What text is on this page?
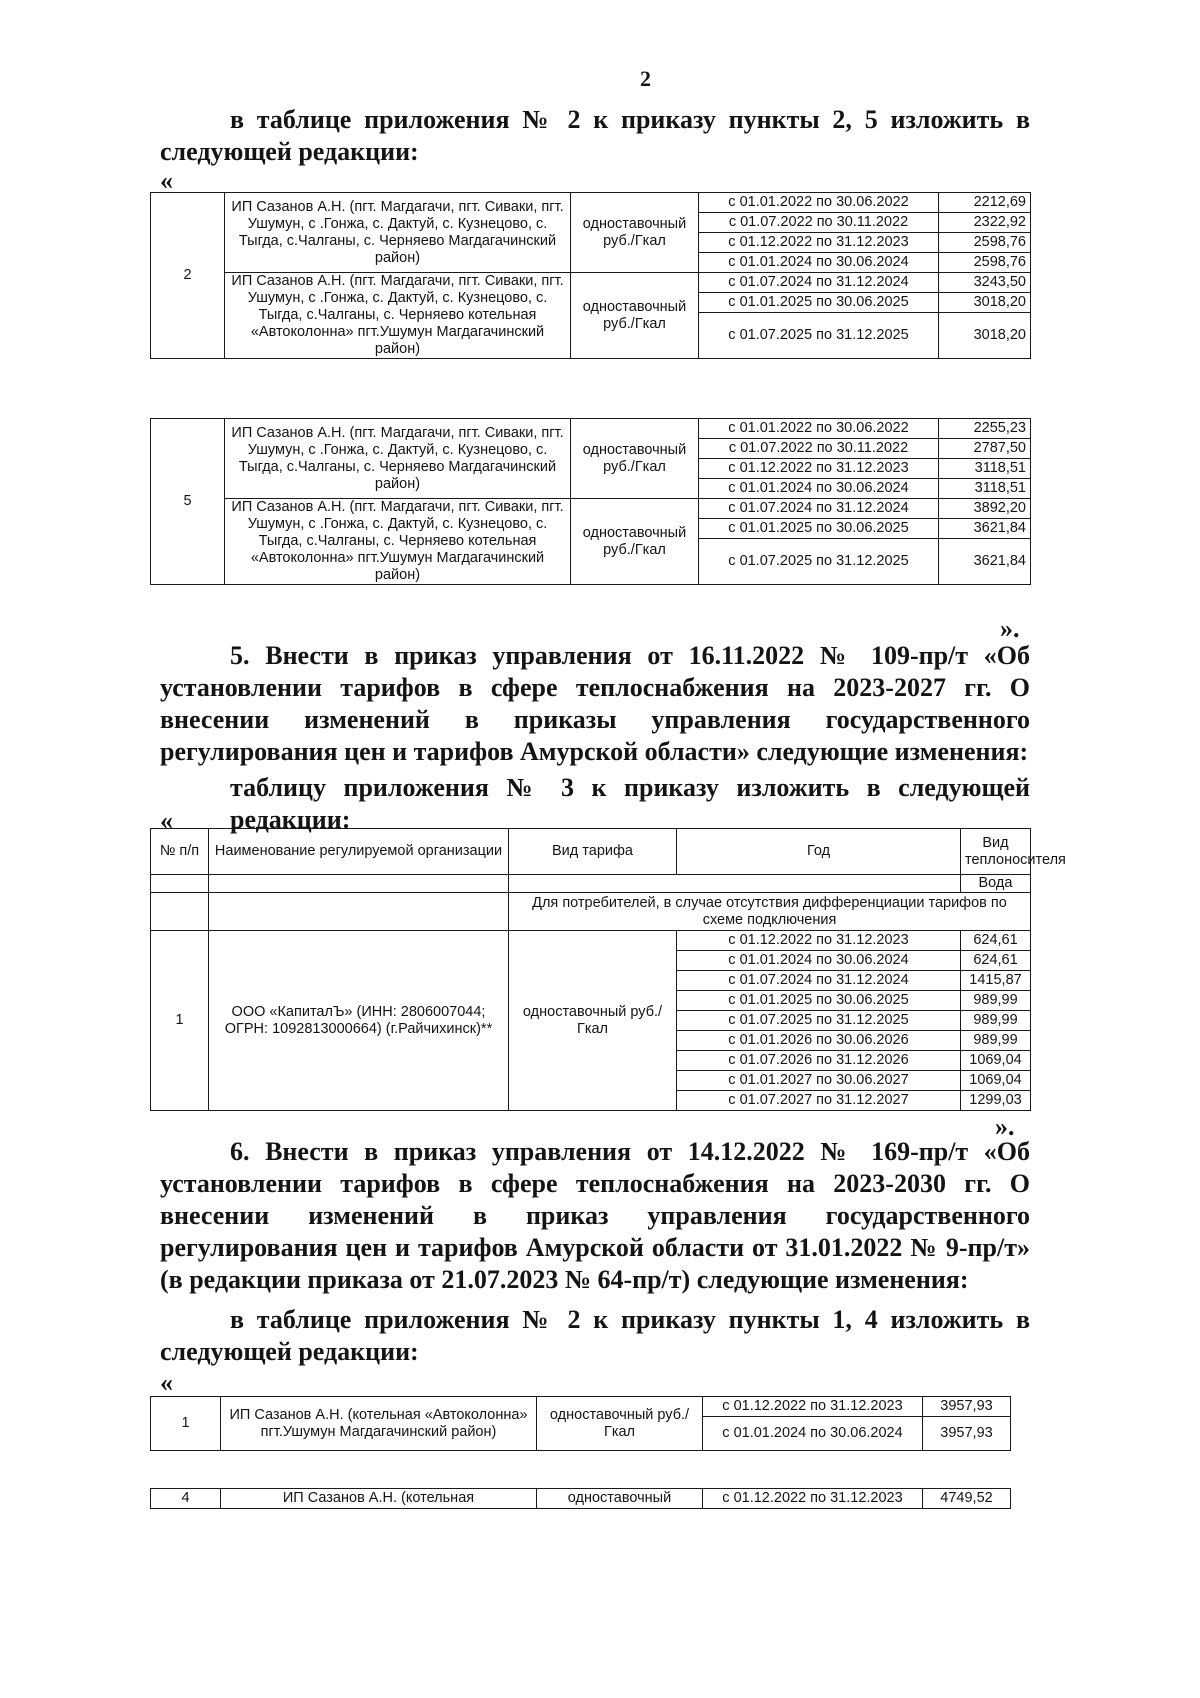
2
в таблице приложения № 2 к приказу пункты 2, 5 изложить в следующей редакции:
«
2	ИП Сазанов А.Н. (пгт. Магдагачи, пгт. Сиваки, пгт. Ушумун, с .Гонжа, с. Дактуй, с. Кузнецово, с. Тыгда, с.Чалганы, с. Черняево Магдагачинский район)	одноставочный руб./Гкал	с 01.01.2022 по 30.06.2022	2212,69
			с 01.07.2022 по 30.11.2022	2322,92
			с 01.12.2022 по 31.12.2023	2598,76
			с 01.01.2024 по 30.06.2024	2598,76
	ИП Сазанов А.Н. (пгт. Магдагачи, пгт. Сиваки, пгт. Ушумун, с .Гонжа, с. Дактуй, с. Кузнецово, с. Тыгда, с.Чалганы, с. Черняево котельная «Автоколонна» пгт.Ушумун Магдагачинский район)	одноставочный руб./Гкал	с 01.07.2024 по 31.12.2024	3243,50
			с 01.01.2025 по 30.06.2025	3018,20
			с 01.07.2025 по 31.12.2025	3018,20
5	ИП Сазанов А.Н. (пгт. Магдагачи, пгт. Сиваки, пгт. Ушумун, с .Гонжа, с. Дактуй, с. Кузнецово, с. Тыгда, с.Чалганы, с. Черняево Магдагачинский район)	одноставочный руб./Гкал	с 01.01.2022 по 30.06.2022	2255,23
			с 01.07.2022 по 30.11.2022	2787,50
			с 01.12.2022 по 31.12.2023	3118,51
			с 01.01.2024 по 30.06.2024	3118,51
	ИП Сазанов А.Н. (пгт. Магдагачи, пгт. Сиваки, пгт. Ушумун, с .Гонжа, с. Дактуй, с. Кузнецово, с. Тыгда, с.Чалганы, с. Черняево котельная «Автоколонна» пгт.Ушумун Магдагачинский район)	одноставочный руб./Гкал	с 01.07.2024 по 31.12.2024	3892,20
			с 01.01.2025 по 30.06.2025	3621,84
			с 01.07.2025 по 31.12.2025	3621,84
».
5. Внести в приказ управления от 16.11.2022 № 109-пр/т «Об установлении тарифов в сфере теплоснабжения на 2023-2027 гг. О внесении изменений в приказы управления государственного регулирования цен и тарифов Амурской области» следующие изменения:
таблицу приложения № 3 к приказу изложить в следующей редакции:
«
№ п/п	Наименование регулируемой организации	Вид тарифа	Год	Вид теплоносителя
				Вода
		Для потребителей, в случае отсутствия дифференциации тарифов по схеме подключения		
1	ООО «КапиталЪ» (ИНН: 2806007044; ОГРН: 1092813000664) (г.Райчихинск)**	одноставочный руб./Гкал	с 01.12.2022 по 31.12.2023	624,61
			с 01.01.2024 по 30.06.2024	624,61
			с 01.07.2024 по 31.12.2024	1415,87
			с 01.01.2025 по 30.06.2025	989,99
			с 01.07.2025 по 31.12.2025	989,99
			с 01.01.2026 по 30.06.2026	989,99
			с 01.07.2026 по 31.12.2026	1069,04
			с 01.01.2027 по 30.06.2027	1069,04
			с 01.07.2027 по 31.12.2027	1299,03
».
6. Внести в приказ управления от 14.12.2022 № 169-пр/т «Об установлении тарифов в сфере теплоснабжения на 2023-2030 гг. О внесении изменений в приказ управления государственного регулирования цен и тарифов Амурской области от 31.01.2022 № 9-пр/т» (в редакции приказа от 21.07.2023 № 64-пр/т) следующие изменения:
в таблице приложения № 2 к приказу пункты 1, 4 изложить в следующей редакции:
«
1	ИП Сазанов А.Н. (котельная «Автоколонна» пгт.Ушумун Магдагачинский район)	одноставочный руб./Гкал	с 01.12.2022 по 31.12.2023	3957,93
			с 01.01.2024 по 30.06.2024	3957,93
4	ИП Сазанов А.Н. (котельная	одноставочный	с 01.12.2022 по 31.12.2023	4749,52
